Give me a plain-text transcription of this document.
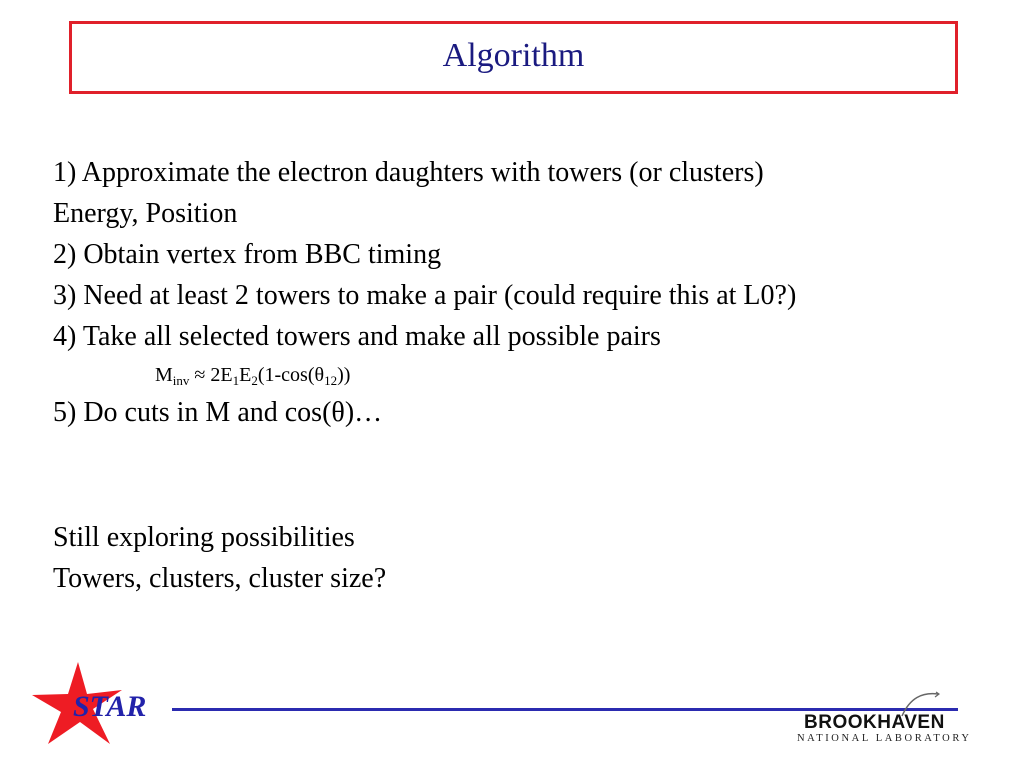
Algorithm
1) Approximate the electron daughters with towers (or clusters)
Energy, Position
2) Obtain vertex from BBC timing
3) Need at least 2 towers to make a pair (could require this at L0?)
4) Take all selected towers and make all possible pairs
$M_{inv} \approx 2E_1E_2(1-\cos(\theta_{12}))$
5) Do cuts in M and cos(θ)…
Still exploring possibilities
Towers, clusters, cluster size?
STAR	BROOKHAVEN
NATIONAL LABORATORY
